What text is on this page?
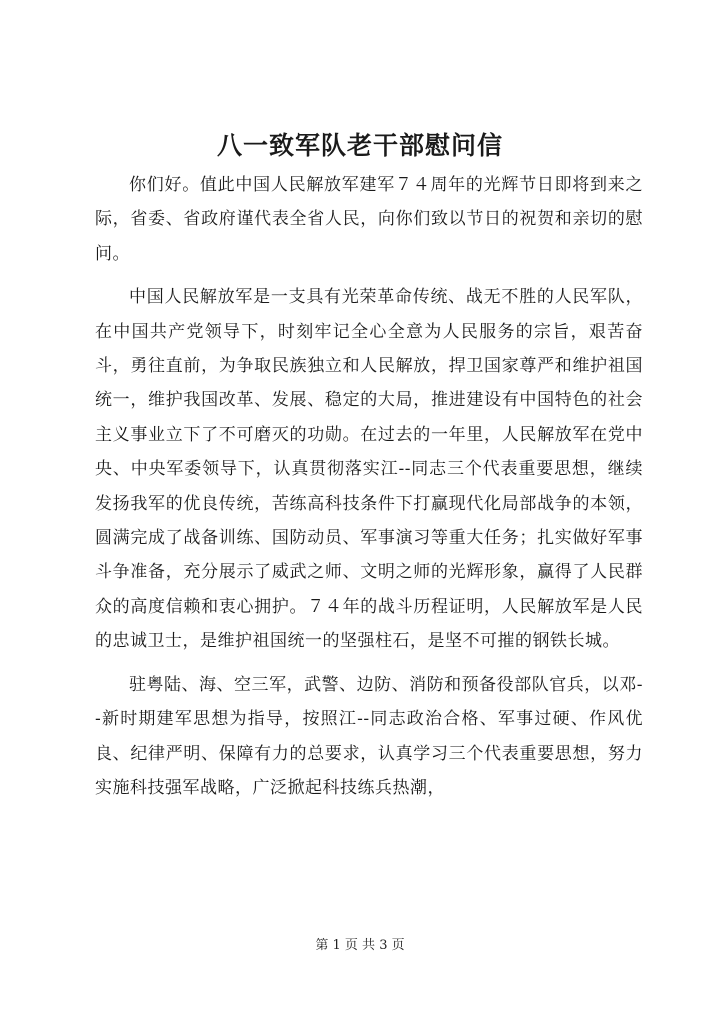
八一致军队老干部慰问信

你们好。值此中国人民解放军建军７４周年的光辉节日即将到来之际，省委、省政府谨代表全省人民，向你们致以节日的祝贺和亲切的慰问。

中国人民解放军是一支具有光荣革命传统、战无不胜的人民军队，在中国共产党领导下，时刻牢记全心全意为人民服务的宗旨，艰苦奋斗，勇往直前，为争取民族独立和人民解放，捍卫国家尊严和维护祖国统一，维护我国改革、发展、稳定的大局，推进建设有中国特色的社会主义事业立下了不可磨灭的功勋。在过去的一年里，人民解放军在党中央、中央军委领导下，认真贯彻落实江--同志三个代表重要思想，继续发扬我军的优良传统，苦练高科技条件下打赢现代化局部战争的本领，圆满完成了战备训练、国防动员、军事演习等重大任务；扎实做好军事斗争准备，充分展示了威武之师、文明之师的光辉形象，赢得了人民群众的高度信赖和衷心拥护。７４年的战斗历程证明，人民解放军是人民的忠诚卫士，是维护祖国统一的坚强柱石，是坚不可摧的钢铁长城。

驻粤陆、海、空三军，武警、边防、消防和预备役部队官兵，以邓--新时期建军思想为指导，按照江--同志政治合格、军事过硬、作风优良、纪律严明、保障有力的总要求，认真学习三个代表重要思想，努力实施科技强军战略，广泛掀起科技练兵热潮，

第 1 页 共 3 页
